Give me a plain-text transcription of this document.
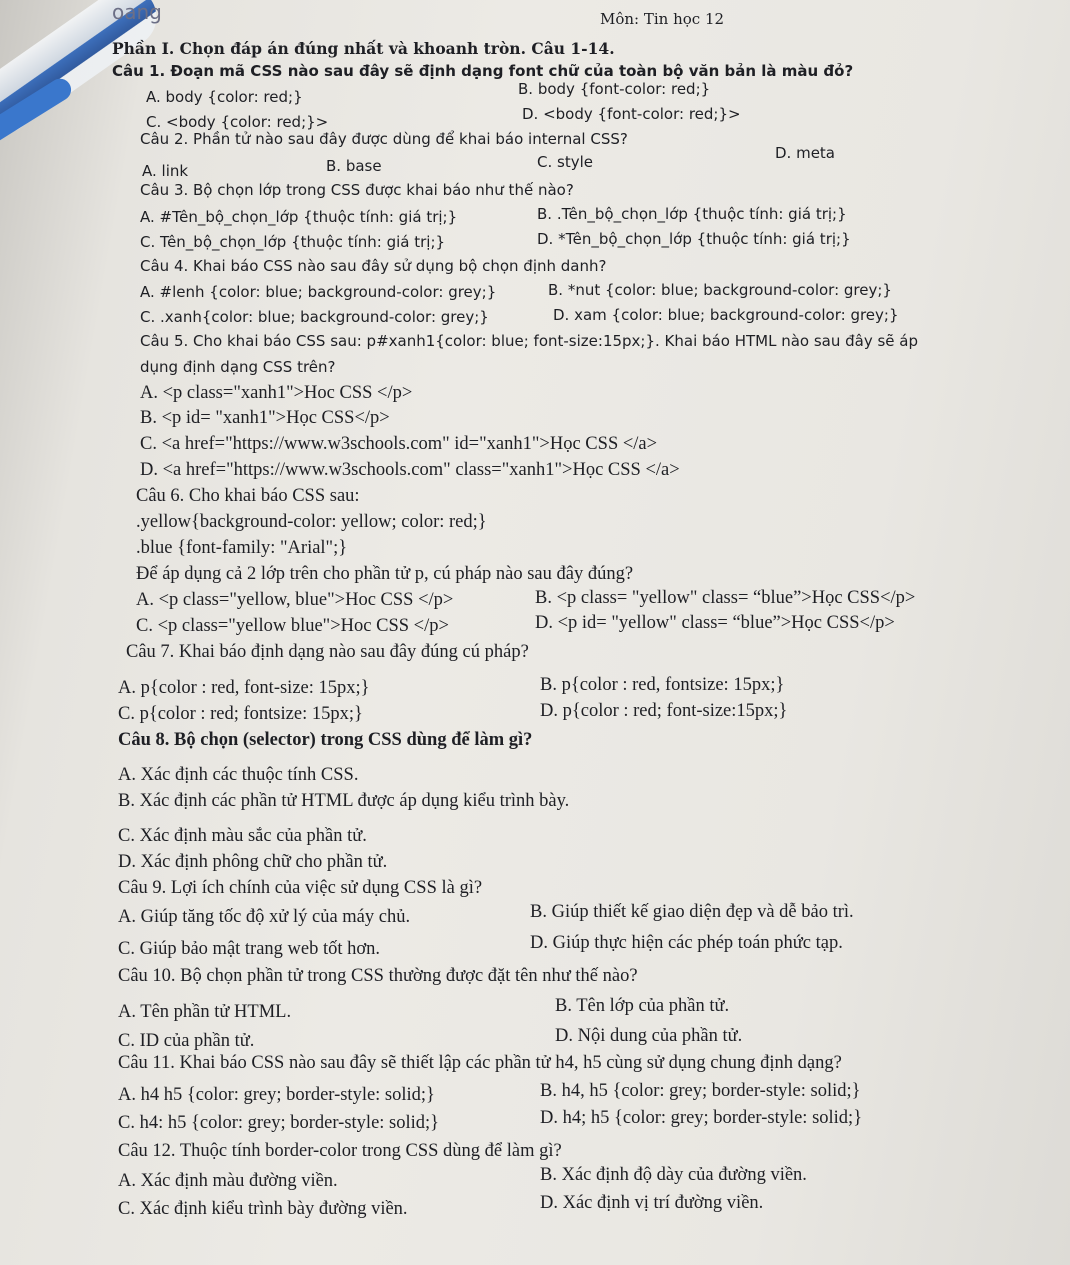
oang	Môn: Tin học 12
Phần I. Chọn đáp án đúng nhất và khoanh tròn. Câu 1-14.
Câu 1. Đoạn mã CSS nào sau đây sẽ định dạng font chữ của toàn bộ văn bản là màu đỏ?
A. body {color: red;}	B. body {font-color: red;}
C. <body {color: red;}>	D. <body {font-color: red;}>
Câu 2. Phần tử nào sau đây được dùng để khai báo internal CSS?
A. link	B. base	C. style	D. meta
Câu 3. Bộ chọn lớp trong CSS được khai báo như thế nào?
A. #Tên_bộ_chọn_lớp {thuộc tính: giá trị;}	B. .Tên_bộ_chọn_lớp {thuộc tính: giá trị;}
C. Tên_bộ_chọn_lớp {thuộc tính: giá trị;}	D. *Tên_bộ_chọn_lớp {thuộc tính: giá trị;}
Câu 4. Khai báo CSS nào sau đây sử dụng bộ chọn định danh?
A. #lenh {color: blue; background-color: grey;}	B. *nut {color: blue; background-color: grey;}
C. .xanh{color: blue; background-color: grey;}	D. xam {color: blue; background-color: grey;}
Câu 5. Cho khai báo CSS sau: p#xanh1{color: blue; font-size:15px;}. Khai báo HTML nào sau đây sẽ áp
dụng định dạng CSS trên?
A. <p class="xanh1">Hoc CSS </p>
B. <p id= "xanh1">Học CSS</p>
C. <a href="https://www.w3schools.com" id="xanh1">Học CSS </a>
D. <a href="https://www.w3schools.com" class="xanh1">Học CSS </a>
Câu 6. Cho khai báo CSS sau:
.yellow{background-color: yellow; color: red;}
.blue {font-family: "Arial";}
Để áp dụng cả 2 lớp trên cho phần tử p, cú pháp nào sau đây đúng?
A. <p class="yellow, blue">Hoc CSS </p>	B. <p class= "yellow" class= “blue”>Học CSS</p>
C. <p class="yellow blue">Hoc CSS </p>	D. <p id= "yellow" class= “blue”>Học CSS</p>
Câu 7. Khai báo định dạng nào sau đây đúng cú pháp?
A. p{color : red, font-size: 15px;}	B. p{color : red, fontsize: 15px;}
C. p{color : red; fontsize: 15px;}	D. p{color : red; font-size:15px;}
Câu 8. Bộ chọn (selector) trong CSS dùng để làm gì?
A. Xác định các thuộc tính CSS.
B. Xác định các phần tử HTML được áp dụng kiểu trình bày.
C. Xác định màu sắc của phần tử.
D. Xác định phông chữ cho phần tử.
Câu 9. Lợi ích chính của việc sử dụng CSS là gì?
A. Giúp tăng tốc độ xử lý của máy chủ.	B. Giúp thiết kế giao diện đẹp và dễ bảo trì.
C. Giúp bảo mật trang web tốt hơn.	D. Giúp thực hiện các phép toán phức tạp.
Câu 10. Bộ chọn phần tử trong CSS thường được đặt tên như thế nào?
A. Tên phần tử HTML.	B. Tên lớp của phần tử.
C. ID của phần tử.	D. Nội dung của phần tử.
Câu 11. Khai báo CSS nào sau đây sẽ thiết lập các phần tử h4, h5 cùng sử dụng chung định dạng?
A. h4 h5 {color: grey; border-style: solid;}	B. h4, h5 {color: grey; border-style: solid;}
C. h4: h5 {color: grey; border-style: solid;}	D. h4; h5 {color: grey; border-style: solid;}
Câu 12. Thuộc tính border-color trong CSS dùng để làm gì?
A. Xác định màu đường viền.	B. Xác định độ dày của đường viền.
C. Xác định kiểu trình bày đường viền.	D. Xác định vị trí đường viền.
